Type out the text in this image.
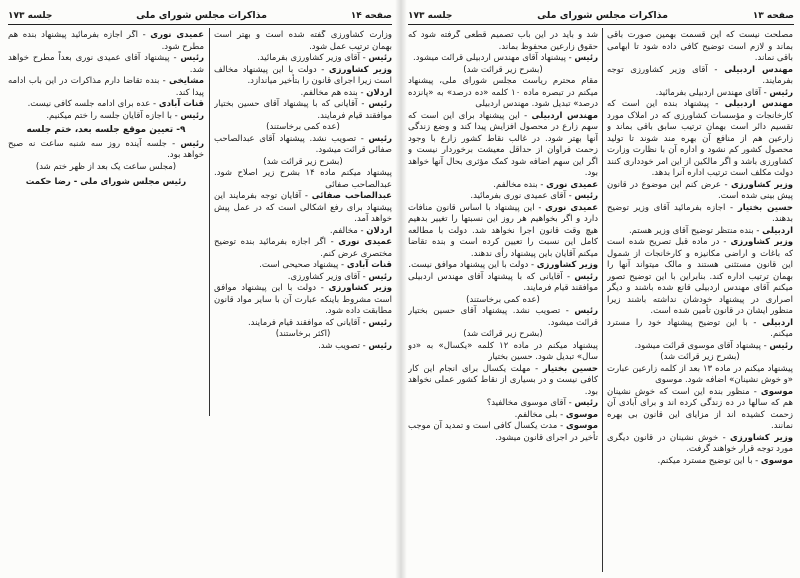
صفحه ۱۴
مذاکرات مجلس شورای ملی
جلسه ۱۷۳

وزارت کشاورزی گفته شده است و بهتر است بهمان ترتیب عمل شود.

رئیس - آقای وزیر کشاورزی بفرمائید.

وزیر کشاورزی - دولت با این پیشنهاد مخالف است زیرا اجرای قانون را بتأخیر میاندازد.

اردلان - بنده هم مخالفم.

رئیس - آقایانی که با پیشنهاد آقای حسین بختیار موافقند قیام فرمایند.

(عده کمی برخاستند)

رئیس - تصویب نشد. پیشنهاد آقای عبدالصاحب صفائی قرائت میشود.

(بشرح زیر قرائت شد)

پیشنهاد میکنم ماده ۱۴ بشرح زیر اصلاح شود. عبدالصاحب صفائی

عبدالصاحب صفائی - آقایان توجه بفرمایند این پیشنهاد برای رفع اشکالی است که در عمل پیش خواهد آمد.

اردلان - مخالفم.

عمیدی نوری - اگر اجازه بفرمائید بنده توضیح مختصری عرض کنم.

قنات آبادی - پیشنهاد صحیحی است.

رئیس - آقای وزیر کشاورزی.

وزیر کشاورزی - دولت با این پیشنهاد موافق است مشروط باینکه عبارت آن با سایر مواد قانون مطابقت داده شود.

رئیس - آقایانی که موافقند قیام فرمایند.

(اکثر برخاستند)

رئیس - تصویب شد.

عمیدی نوری - اگر اجازه بفرمائید پیشنهاد بنده هم مطرح شود.

رئیس - پیشنهاد آقای عمیدی نوری بعداً مطرح خواهد شد.

مشایخی - بنده تقاضا دارم مذاکرات در این باب ادامه پیدا کند.

قنات آبادی - عده برای ادامه جلسه کافی نیست.

رئیس - با اجازه آقایان جلسه را ختم میکنیم.

۹- تعیین موقع جلسه بعد، ختم جلسه

رئیس - جلسه آینده روز سه شنبه ساعت نه صبح خواهد بود.

(مجلس ساعت یک بعد از ظهر ختم شد)

رئیس مجلس شورای ملی - رضا حکمت
صفحه ۱۳
مذاکرات مجلس شورای ملی
جلسه ۱۷۳

مصلحت نیست که این قسمت بهمین صورت باقی بماند و لازم است توضیح کافی داده شود تا ابهامی باقی نماند.

مهندس اردبیلی - آقای وزیر کشاورزی توجه بفرمایند.

رئیس - آقای مهندس اردبیلی بفرمائید.

مهندس اردبیلی - پیشنهاد بنده این است که کارخانجات و مؤسسات کشاورزی که در املاک مورد تقسیم دائر است بهمان ترتیب سابق باقی بماند و زارعین هم از منافع آن بهره مند شوند تا تولید محصول کشور کم نشود و اداره آن با نظارت وزارت کشاورزی باشد و اگر مالکین از این امر خودداری کنند دولت مکلف است ترتیب اداره آنرا بدهد.

وزیر کشاورزی - عرض کنم این موضوع در قانون پیش بینی شده است.

حسین بختیار - اجازه بفرمائید آقای وزیر توضیح بدهند.

اردبیلی - بنده منتظر توضیح آقای وزیر هستم.

وزیر کشاورزی - در ماده قبل تصریح شده است که باغات و اراضی مکانیزه و کارخانجات از شمول این قانون مستثنی هستند و مالک میتواند آنها را بهمان ترتیب اداره کند. بنابراین با این توضیح تصور میکنم آقای مهندس اردبیلی قانع شده باشند و دیگر اصراری در پیشنهاد خودشان نداشته باشند زیرا منظور ایشان در قانون تأمین شده است.

اردبیلی - با این توضیح پیشنهاد خود را مسترد میکنم.

رئیس - پیشنهاد آقای موسوی قرائت میشود.

(بشرح زیر قرائت شد)

پیشنهاد میکنم در ماده ۱۳ بعد از کلمه زارعین عبارت «و خوش نشینان» اضافه شود. موسوی

موسوی - منظور بنده این است که خوش نشینان هم که سالها در ده زندگی کرده اند و برای آبادی آن زحمت کشیده اند از مزایای این قانون بی بهره نمانند.

وزیر کشاورزی - خوش نشینان در قانون دیگری مورد توجه قرار خواهند گرفت.

موسوی - با این توضیح مسترد میکنم.

شد و باید در این باب تصمیم قطعی گرفته شود که حقوق زارعین محفوظ بماند.

رئیس - پیشنهاد آقای مهندس اردبیلی قرائت میشود.

(بشرح زیر قرائت شد)

مقام محترم ریاست مجلس شورای ملی، پیشنهاد میکنم در تبصره ماده ۱۰ کلمه «ده درصد» به «پانزده درصد» تبدیل شود. مهندس اردبیلی

مهندس اردبیلی - این پیشنهاد برای این است که سهم زارع در محصول افزایش پیدا کند و وضع زندگی آنها بهتر شود. در غالب نقاط کشور زارع با وجود زحمت فراوان از حداقل معیشت برخوردار نیست و اگر این سهم اضافه شود کمک مؤثری بحال آنها خواهد بود.

عمیدی نوری - بنده مخالفم.

رئیس - آقای عمیدی نوری بفرمائید.

عمیدی نوری - این پیشنهاد با اساس قانون منافات دارد و اگر بخواهیم هر روز این نسبتها را تغییر بدهیم هیچ وقت قانون اجرا نخواهد شد. دولت با مطالعه کامل این نسبت را تعیین کرده است و بنده تقاضا میکنم آقایان باین پیشنهاد رأی ندهند.

وزیر کشاورزی - دولت با این پیشنهاد موافق نیست.

رئیس - آقایانی که با پیشنهاد آقای مهندس اردبیلی موافقند قیام فرمایند.

(عده کمی برخاستند)

رئیس - تصویب نشد. پیشنهاد آقای حسین بختیار قرائت میشود.

(بشرح زیر قرائت شد)

پیشنهاد میکنم در ماده ۱۲ کلمه «یکسال» به «دو سال» تبدیل شود. حسین بختیار

حسین بختیار - مهلت یکسال برای انجام این کار کافی نیست و در بسیاری از نقاط کشور عملی نخواهد بود.

رئیس - آقای موسوی مخالفید؟

موسوی - بلی مخالفم.

موسوی - مدت یکسال کافی است و تمدید آن موجب تأخیر در اجرای قانون میشود.
